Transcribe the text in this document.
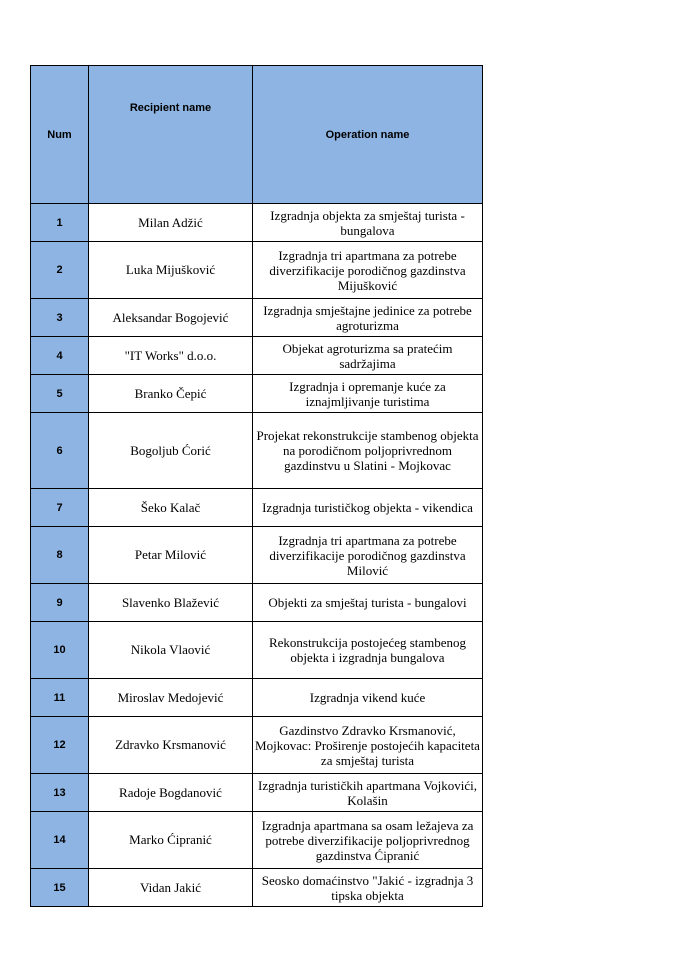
Num	Recipient name	Operation name
1	Milan Adžić	Izgradnja objekta za smještaj turista - bungalova
2	Luka Mijušković	Izgradnja tri apartmana za potrebe diverzifikacije porodičnog gazdinstva Mijušković
3	Aleksandar Bogojević	Izgradnja smještajne jedinice za potrebe agroturizma
4	"IT Works" d.o.o.	Objekat agroturizma sa pratećim sadržajima
5	Branko Čepić	Izgradnja i opremanje kuće za iznajmljivanje turistima
6	Bogoljub Ćorić	Projekat rekonstrukcije stambenog objekta na porodičnom poljoprivrednom gazdinstvu u Slatini - Mojkovac
7	Šeko Kalač	Izgradnja turističkog objekta - vikendica
8	Petar Milović	Izgradnja tri apartmana za potrebe diverzifikacije porodičnog gazdinstva Milović
9	Slavenko Blažević	Objekti za smještaj turista - bungalovi
10	Nikola Vlaović	Rekonstrukcija postojećeg stambenog objekta i izgradnja bungalova
11	Miroslav Medojević	Izgradnja vikend kuće
12	Zdravko Krsmanović	Gazdinstvo Zdravko Krsmanović, Mojkovac: Proširenje postojećih kapaciteta za smještaj turista
13	Radoje Bogdanović	Izgradnja turističkih apartmana Vojkovići, Kolašin
14	Marko Ćipranić	Izgradnja apartmana sa osam ležajeva za potrebe diverzifikacije poljoprivrednog gazdinstva Ćipranić
15	Vidan Jakić	Seosko domaćinstvo "Jakić - izgradnja 3 tipska objekta
